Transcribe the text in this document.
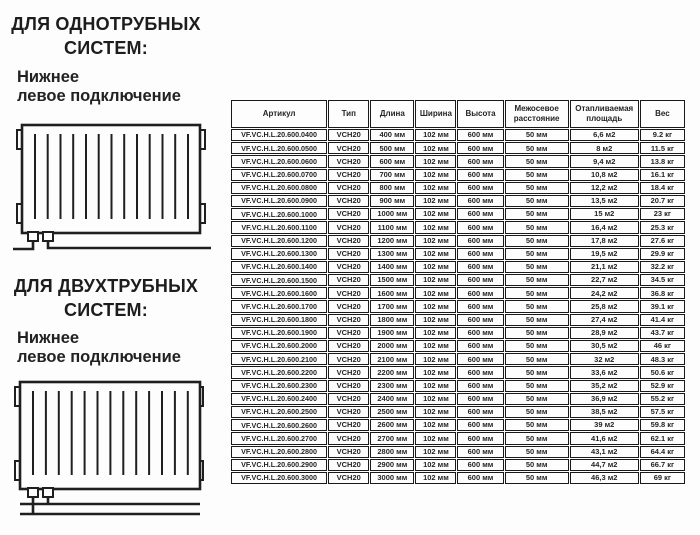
ДЛЯ ОДНОТРУБНЫХ
СИСТЕМ:
Нижнее
левое подключение
ДЛЯ ДВУХТРУБНЫХ
СИСТЕМ:
Нижнее
левое подключение
Артикул	Тип	Длина	Ширина	Высота	Межосевое расстояние	Отапливаемая площадь	Вес
VF.VC.H.L.20.600.0400	VCH20	400 мм	102 мм	600 мм	50 мм	6,6 м2	9.2 кг
VF.VC.H.L.20.600.0500	VCH20	500 мм	102 мм	600 мм	50 мм	8 м2	11.5 кг
VF.VC.H.L.20.600.0600	VCH20	600 мм	102 мм	600 мм	50 мм	9,4 м2	13.8 кг
VF.VC.H.L.20.600.0700	VCH20	700 мм	102 мм	600 мм	50 мм	10,8 м2	16.1 кг
VF.VC.H.L.20.600.0800	VCH20	800 мм	102 мм	600 мм	50 мм	12,2 м2	18.4 кг
VF.VC.H.L.20.600.0900	VCH20	900 мм	102 мм	600 мм	50 мм	13,5 м2	20.7 кг
VF.VC.H.L.20.600.1000	VCH20	1000 мм	102 мм	600 мм	50 мм	15 м2	23 кг
VF.VC.H.L.20.600.1100	VCH20	1100 мм	102 мм	600 мм	50 мм	16,4 м2	25.3 кг
VF.VC.H.L.20.600.1200	VCH20	1200 мм	102 мм	600 мм	50 мм	17,8 м2	27.6 кг
VF.VC.H.L.20.600.1300	VCH20	1300 мм	102 мм	600 мм	50 мм	19,5 м2	29.9 кг
VF.VC.H.L.20.600.1400	VCH20	1400 мм	102 мм	600 мм	50 мм	21,1 м2	32.2 кг
VF.VC.H.L.20.600.1500	VCH20	1500 мм	102 мм	600 мм	50 мм	22,7 м2	34.5 кг
VF.VC.H.L.20.600.1600	VCH20	1600 мм	102 мм	600 мм	50 мм	24,2 м2	36.8 кг
VF.VC.H.L.20.600.1700	VCH20	1700 мм	102 мм	600 мм	50 мм	25,8 м2	39.1 кг
VF.VC.H.L.20.600.1800	VCH20	1800 мм	102 мм	600 мм	50 мм	27,4 м2	41.4 кг
VF.VC.H.L.20.600.1900	VCH20	1900 мм	102 мм	600 мм	50 мм	28,9 м2	43.7 кг
VF.VC.H.L.20.600.2000	VCH20	2000 мм	102 мм	600 мм	50 мм	30,5 м2	46 кг
VF.VC.H.L.20.600.2100	VCH20	2100 мм	102 мм	600 мм	50 мм	32 м2	48.3 кг
VF.VC.H.L.20.600.2200	VCH20	2200 мм	102 мм	600 мм	50 мм	33,6 м2	50.6 кг
VF.VC.H.L.20.600.2300	VCH20	2300 мм	102 мм	600 мм	50 мм	35,2 м2	52.9 кг
VF.VC.H.L.20.600.2400	VCH20	2400 мм	102 мм	600 мм	50 мм	36,9 м2	55.2 кг
VF.VC.H.L.20.600.2500	VCH20	2500 мм	102 мм	600 мм	50 мм	38,5 м2	57.5 кг
VF.VC.H.L.20.600.2600	VCH20	2600 мм	102 мм	600 мм	50 мм	39 м2	59.8 кг
VF.VC.H.L.20.600.2700	VCH20	2700 мм	102 мм	600 мм	50 мм	41,6 м2	62.1 кг
VF.VC.H.L.20.600.2800	VCH20	2800 мм	102 мм	600 мм	50 мм	43,1 м2	64.4 кг
VF.VC.H.L.20.600.2900	VCH20	2900 мм	102 мм	600 мм	50 мм	44,7 м2	66.7 кг
VF.VC.H.L.20.600.3000	VCH20	3000 мм	102 мм	600 мм	50 мм	46,3 м2	69 кг
